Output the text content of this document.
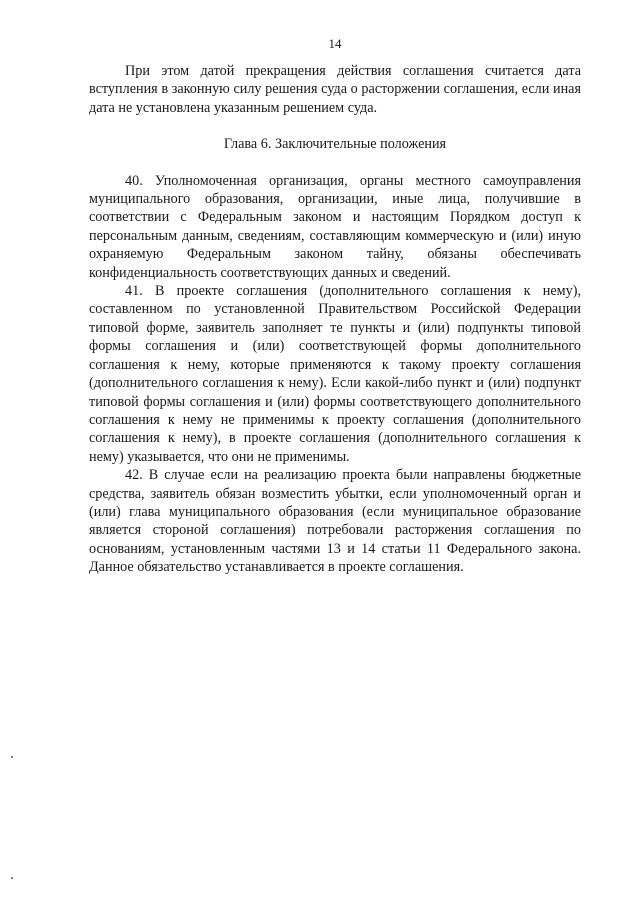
14

При этом датой прекращения действия соглашения считается дата вступления в законную силу решения суда о расторжении соглашения, если иная дата не установлена указанным решением суда.

Глава 6. Заключительные положения

40. Уполномоченная организация, органы местного самоуправления муниципального образования, организации, иные лица, получившие в соответствии с Федеральным законом и настоящим Порядком доступ к персональным данным, сведениям, составляющим коммерческую и (или) иную охраняемую Федеральным законом тайну, обязаны обеспечивать конфиденциальность соответствующих данных и сведений.

41. В проекте соглашения (дополнительного соглашения к нему), составленном по установленной Правительством Российской Федерации типовой форме, заявитель заполняет те пункты и (или) подпункты типовой формы соглашения и (или) соответствующей формы дополнительного соглашения к нему, которые применяются к такому проекту соглашения (дополнительного соглашения к нему). Если какой-либо пункт и (или) подпункт типовой формы соглашения и (или) формы соответствующего дополнительного соглашения к нему не применимы к проекту соглашения (дополнительного соглашения к нему), в проекте соглашения (дополнительного соглашения к нему) указывается, что они не применимы.

42. В случае если на реализацию проекта были направлены бюджетные средства, заявитель обязан возместить убытки, если уполномоченный орган и (или) глава муниципального образования (если муниципальное образование является стороной соглашения) потребовали расторжения соглашения по основаниям, установленным частями 13 и 14 статьи 11 Федерального закона. Данное обязательство устанавливается в проекте соглашения.
